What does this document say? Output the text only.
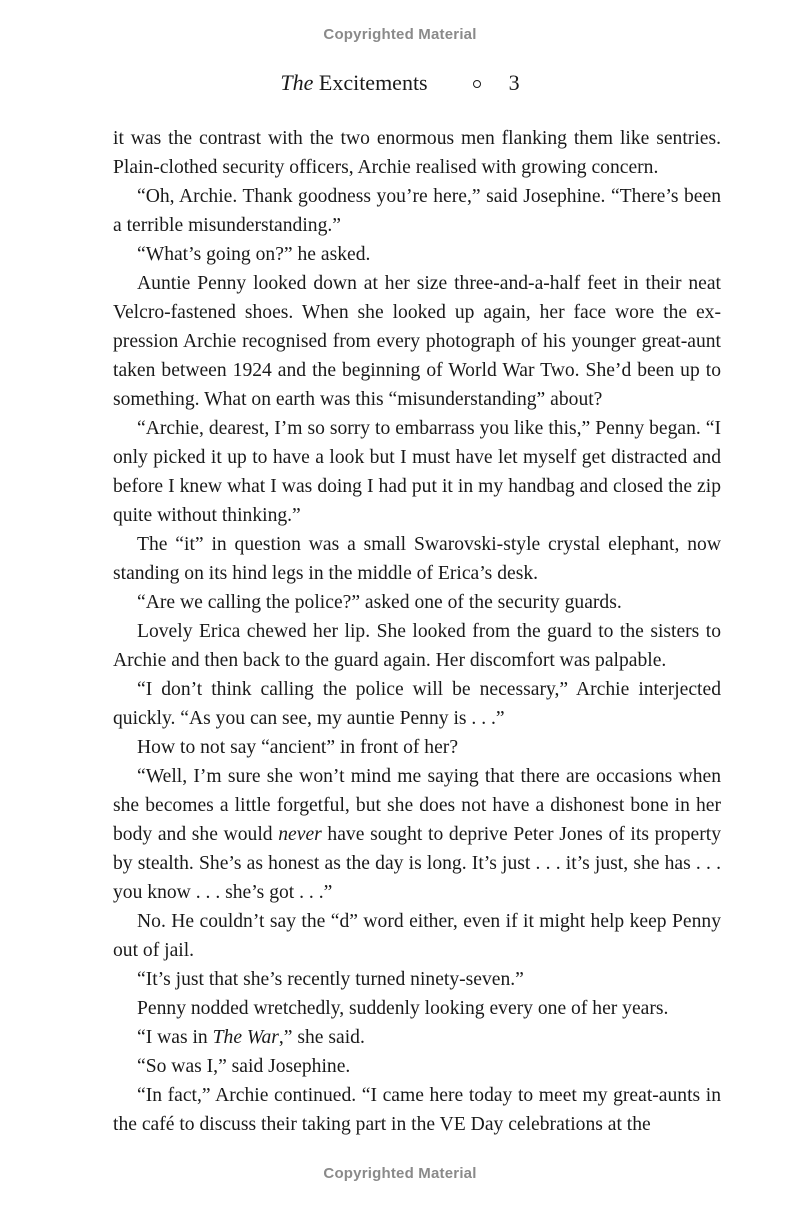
Copyrighted Material
The Excitements	3

it was the contrast with the two enormous men flanking them like sentries. Plain-clothed security officers, Archie realised with growing concern.

“Oh, Archie. Thank goodness you’re here,” said Josephine. “There’s been a terrible misunderstanding.”

“What’s going on?” he asked.

Auntie Penny looked down at her size three-and-a-half feet in their neat Velcro-fastened shoes. When she looked up again, her face wore the expression Archie recognised from every photograph of his younger great-aunt taken between 1924 and the beginning of World War Two. She’d been up to something. What on earth was this “misunderstanding” about?

“Archie, dearest, I’m so sorry to embarrass you like this,” Penny began. “I only picked it up to have a look but I must have let myself get distracted and before I knew what I was doing I had put it in my handbag and closed the zip quite without thinking.”

The “it” in question was a small Swarovski-style crystal elephant, now standing on its hind legs in the middle of Erica’s desk.

“Are we calling the police?” asked one of the security guards.

Lovely Erica chewed her lip. She looked from the guard to the sisters to Archie and then back to the guard again. Her discomfort was palpable.

“I don’t think calling the police will be necessary,” Archie interjected quickly. “As you can see, my auntie Penny is . . .”

How to not say “ancient” in front of her?

“Well, I’m sure she won’t mind me saying that there are occasions when she becomes a little forgetful, but she does not have a dishonest bone in her body and she would never have sought to deprive Peter Jones of its property by stealth. She’s as honest as the day is long. It’s just . . . it’s just, she has . . . you know . . . she’s got . . .”

No. He couldn’t say the “d” word either, even if it might help keep Penny out of jail.

“It’s just that she’s recently turned ninety-seven.”

Penny nodded wretchedly, suddenly looking every one of her years.

“I was in The War,” she said.

“So was I,” said Josephine.

“In fact,” Archie continued. “I came here today to meet my great-aunts in the café to discuss their taking part in the VE Day celebrations at the

Copyrighted Material
